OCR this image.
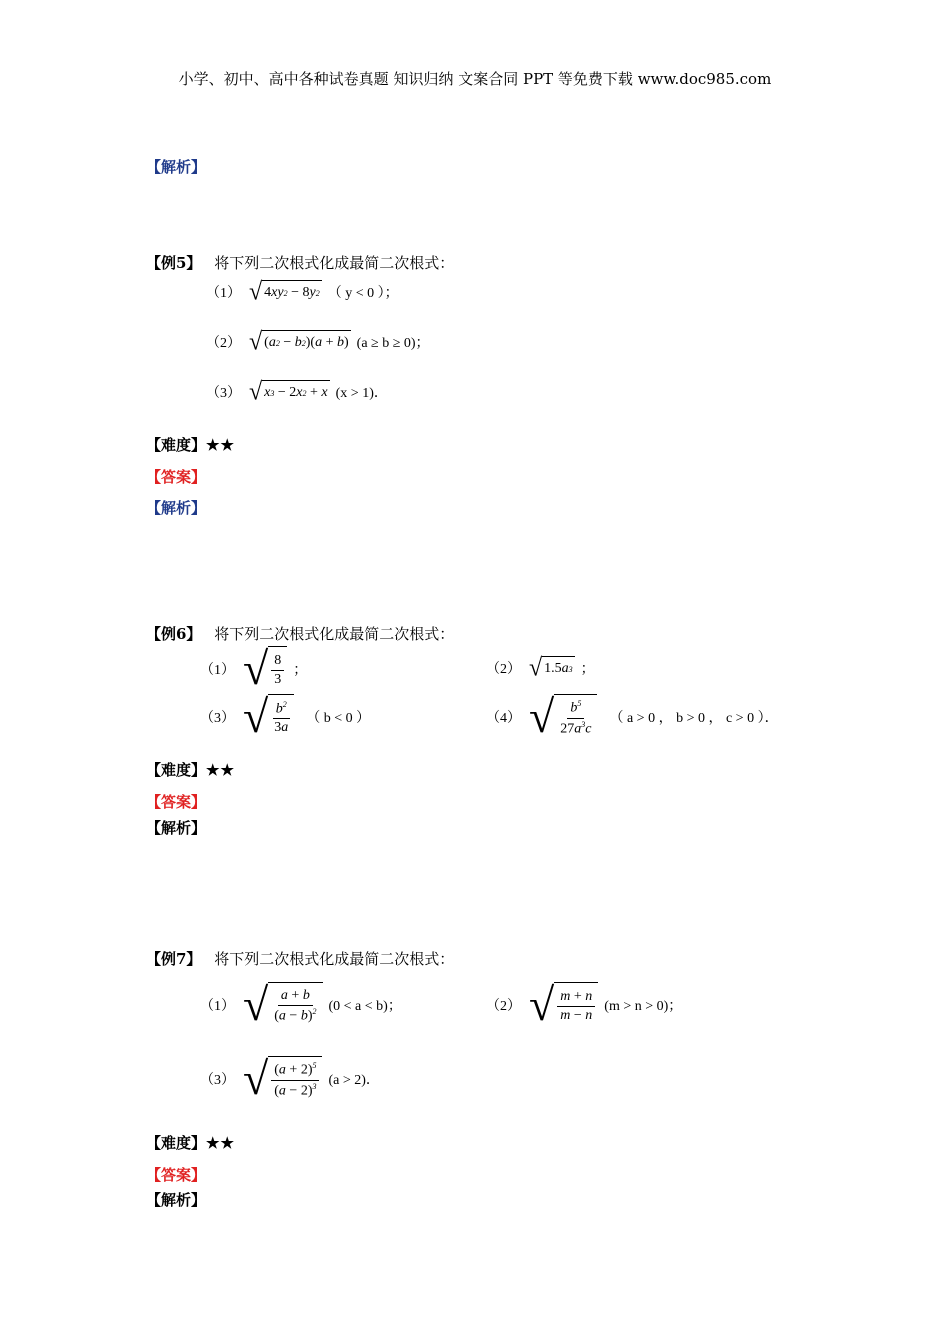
小学、初中、高中各种试卷真题 知识归纳 文案合同 PPT 等免费下载 www.doc985.com
【解析】
【例5】 将下列二次根式化成最简二次根式：
（1） √ 4 xy 2
− 8 y 2 （ y < 0 ）；
（2） √ ( a 2
− b 2 )( a + b ) (a ≥ b ≥ 0)；
（3） √ x 3
− 2 x 2
+ x (x > 1)．
【难度】★★
【答案】
【解析】
【例6】 将下列二次根式化成最简二次根式：
（1） √ $\frac{8}{3}$ ；	（2） √ 1.5 a 3 ；
（3） √ $\frac{b^2}{3a}$ （ b < 0 ）	（4） √ $\frac{b^5}{27a^3c}$ （ a > 0 ， b > 0 ， c > 0 ）．
【难度】★★
【答案】
【解析】
【例7】 将下列二次根式化成最简二次根式：
（1） √ $\frac{a + b}{(a - b)^2} (0 < a < b)$；	（2） √ $\frac{m + n}{m - n} (m > n > 0)$；
（3） √ $\frac{(a + 2)^5}{(a - 2)^3} (a > 2)$．
【难度】★★
【答案】
【解析】
